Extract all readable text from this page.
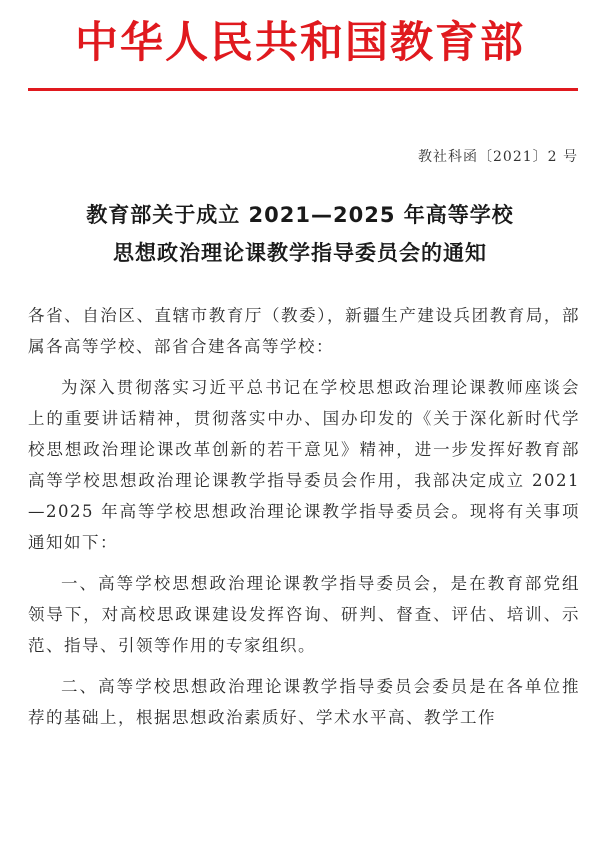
中华人民共和国教育部
教社科函〔2021〕2 号
教育部关于成立 2021—2025 年高等学校
思想政治理论课教学指导委员会的通知

各省、自治区、直辖市教育厅（教委），新疆生产建设兵团教育局，部属各高等学校、部省合建各高等学校：

为深入贯彻落实习近平总书记在学校思想政治理论课教师座谈会上的重要讲话精神，贯彻落实中办、国办印发的《关于深化新时代学校思想政治理论课改革创新的若干意见》精神，进一步发挥好教育部高等学校思想政治理论课教学指导委员会作用，我部决定成立 2021—2025 年高等学校思想政治理论课教学指导委员会。现将有关事项通知如下：

一、高等学校思想政治理论课教学指导委员会，是在教育部党组领导下，对高校思政课建设发挥咨询、研判、督查、评估、培训、示范、指导、引领等作用的专家组织。

二、高等学校思想政治理论课教学指导委员会委员是在各单位推荐的基础上，根据思想政治素质好、学术水平高、教学工作
